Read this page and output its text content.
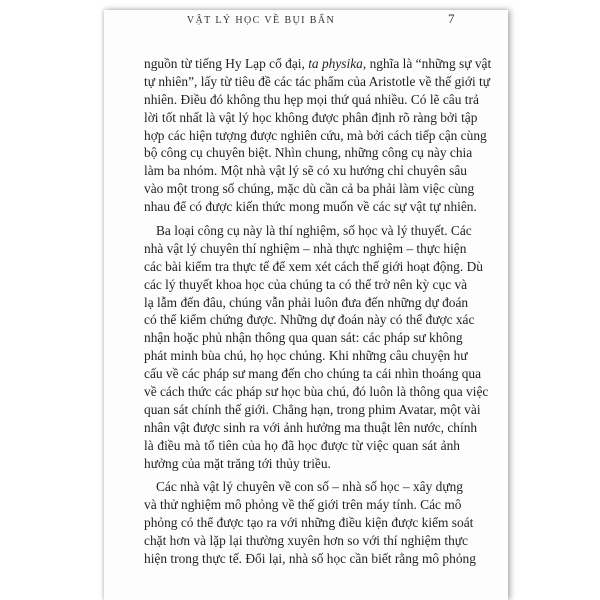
VẬT LÝ HỌC VỀ BỤI BẨN	7
nguồn từ tiếng Hy Lạp cổ đại, ta physika, nghĩa là “những sự vật
tự nhiên”, lấy từ tiêu đề các tác phẩm của Aristotle về thế giới tự
nhiên. Điều đó không thu hẹp mọi thứ quá nhiều. Có lẽ câu trả
lời tốt nhất là vật lý học không được phân định rõ ràng bởi tập
hợp các hiện tượng được nghiên cứu, mà bởi cách tiếp cận cùng
bộ công cụ chuyên biệt. Nhìn chung, những công cụ này chia
làm ba nhóm. Một nhà vật lý sẽ có xu hướng chỉ chuyên sâu
vào một trong số chúng, mặc dù cần cả ba phải làm việc cùng
nhau để có được kiến thức mong muốn về các sự vật tự nhiên.
Ba loại công cụ này là thí nghiệm, số học và lý thuyết. Các
nhà vật lý chuyên thí nghiệm – nhà thực nghiệm – thực hiện
các bài kiểm tra thực tế để xem xét cách thế giới hoạt động. Dù
các lý thuyết khoa học của chúng ta có thể trở nên kỳ cục và
lạ lẫm đến đâu, chúng vẫn phải luôn đưa đến những dự đoán
có thể kiểm chứng được. Những dự đoán này có thể được xác
nhận hoặc phủ nhận thông qua quan sát: các pháp sư không
phát minh bùa chú, họ học chúng. Khi những câu chuyện hư
cấu về các pháp sư mang đến cho chúng ta cái nhìn thoáng qua
về cách thức các pháp sư học bùa chú, đó luôn là thông qua việc
quan sát chính thế giới. Chẳng hạn, trong phim Avatar, một vài
nhân vật được sinh ra với ảnh hưởng ma thuật lên nước, chính
là điều mà tổ tiên của họ đã học được từ việc quan sát ảnh
hưởng của mặt trăng tới thủy triều.
Các nhà vật lý chuyên về con số – nhà số học – xây dựng
và thử nghiệm mô phỏng về thế giới trên máy tính. Các mô
phỏng có thể được tạo ra với những điều kiện được kiểm soát
chặt hơn và lặp lại thường xuyên hơn so với thí nghiệm thực
hiện trong thực tế. Đổi lại, nhà số học cần biết rằng mô phỏng
